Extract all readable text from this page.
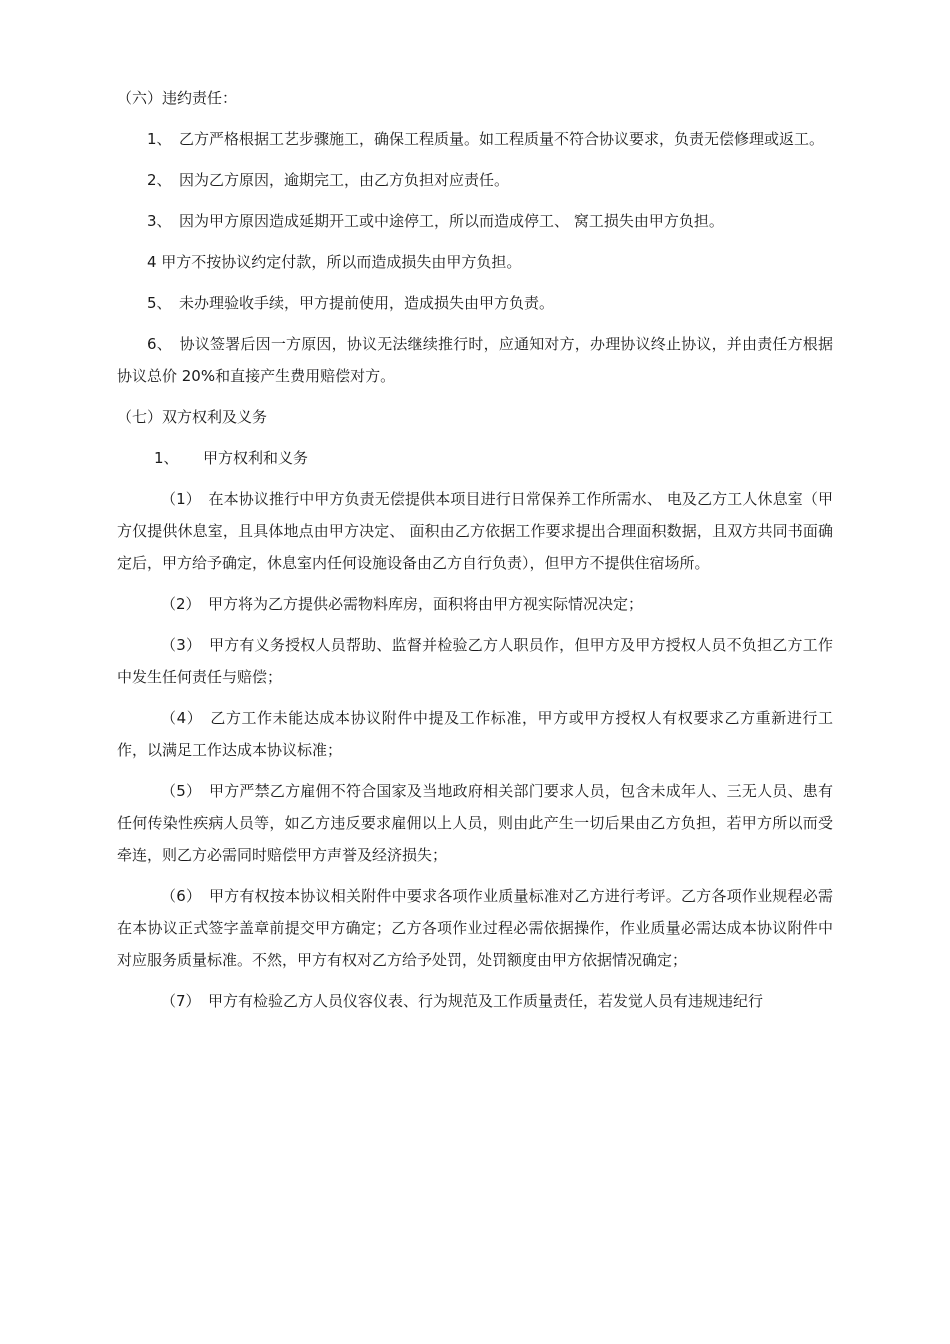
（六）违约责任：
1、　乙方严格根据工艺步骤施工，确保工程质量。如工程质量不符合协议要求，负责无偿修理或返工。
2、　因为乙方原因，逾期完工，由乙方负担对应责任。
3、　因为甲方原因造成延期开工或中途停工，所以而造成停工、 窝工损失由甲方负担。
4 甲方不按协议约定付款，所以而造成损失由甲方负担。
5、　未办理验收手续，甲方提前使用，造成损失由甲方负责。
6、　协议签署后因一方原因，协议无法继续推行时，应通知对方，办理协议终止协议，并由责任方根据协议总价 20%和直接产生费用赔偿对方。
（七）双方权利及义务
1、 甲方权利和义务
（1）　在本协议推行中甲方负责无偿提供本项目进行日常保养工作所需水、 电及乙方工人休息室（甲方仅提供休息室，且具体地点由甲方决定、 面积由乙方依据工作要求提出合理面积数据，且双方共同书面确定后，甲方给予确定，休息室内任何设施设备由乙方自行负责），但甲方不提供住宿场所。
（2）　甲方将为乙方提供必需物料库房，面积将由甲方视实际情况决定；
（3）　甲方有义务授权人员帮助、监督并检验乙方人职员作，但甲方及甲方授权人员不负担乙方工作中发生任何责任与赔偿；
（4）　乙方工作未能达成本协议附件中提及工作标准，甲方或甲方授权人有权要求乙方重新进行工作，以满足工作达成本协议标准；
（5）　甲方严禁乙方雇佣不符合国家及当地政府相关部门要求人员，包含未成年人、三无人员、患有任何传染性疾病人员等，如乙方违反要求雇佣以上人员，则由此产生一切后果由乙方负担，若甲方所以而受牵连，则乙方必需同时赔偿甲方声誉及经济损失；
（6）　甲方有权按本协议相关附件中要求各项作业质量标准对乙方进行考评。乙方各项作业规程必需在本协议正式签字盖章前提交甲方确定；乙方各项作业过程必需依据操作，作业质量必需达成本协议附件中对应服务质量标准。不然，甲方有权对乙方给予处罚，处罚额度由甲方依据情况确定；
（7）　甲方有检验乙方人员仪容仪表、行为规范及工作质量责任，若发觉人员有违规违纪行
